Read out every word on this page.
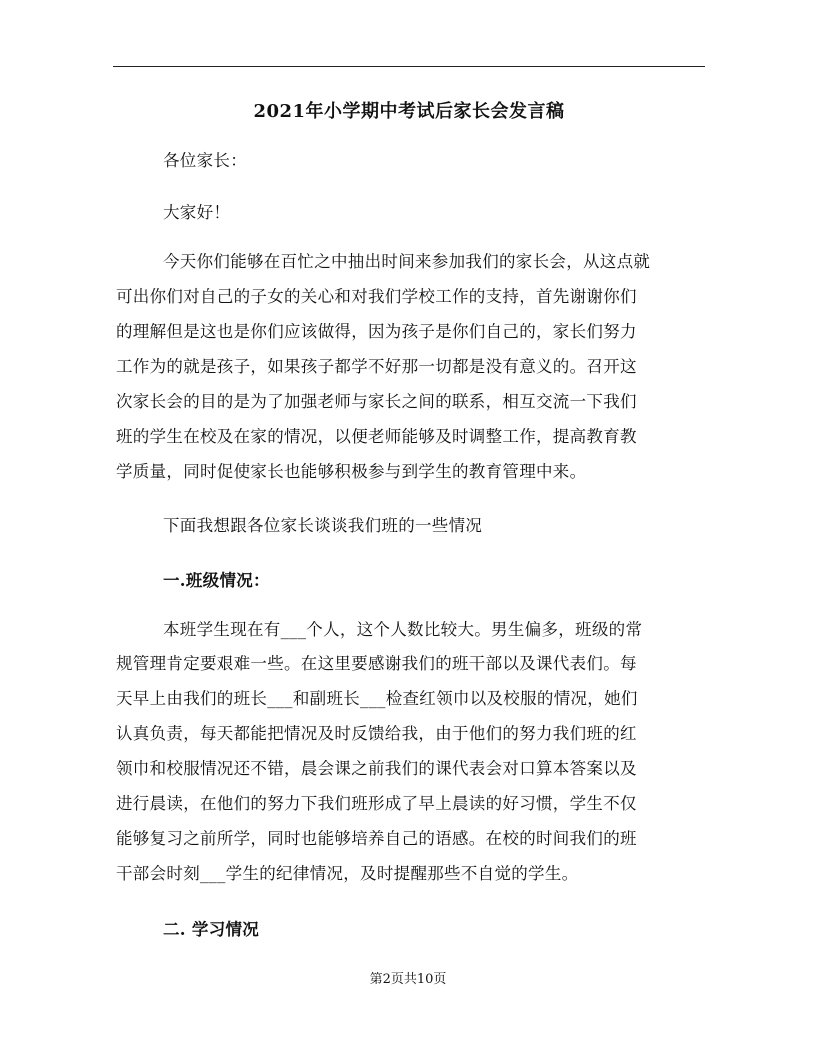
2021年小学期中考试后家长会发言稿
各位家长：
大家好！
今天你们能够在百忙之中抽出时间来参加我们的家长会，从这点就
可出你们对自己的子女的关心和对我们学校工作的支持，首先谢谢你们
的理解但是这也是你们应该做得，因为孩子是你们自己的，家长们努力
工作为的就是孩子，如果孩子都学不好那一切都是没有意义的。召开这
次家长会的目的是为了加强老师与家长之间的联系，相互交流一下我们
班的学生在校及在家的情况，以便老师能够及时调整工作，提高教育教
学质量，同时促使家长也能够积极参与到学生的教育管理中来。
下面我想跟各位家长谈谈我们班的一些情况
一.班级情况：
本班学生现在有___个人，这个人数比较大。男生偏多，班级的常
规管理肯定要艰难一些。在这里要感谢我们的班干部以及课代表们。每
天早上由我们的班长___和副班长___检查红领巾以及校服的情况，她们
认真负责，每天都能把情况及时反馈给我，由于他们的努力我们班的红
领巾和校服情况还不错，晨会课之前我们的课代表会对口算本答案以及
进行晨读，在他们的努力下我们班形成了早上晨读的好习惯，学生不仅
能够复习之前所学，同时也能够培养自己的语感。在校的时间我们的班
干部会时刻___学生的纪律情况，及时提醒那些不自觉的学生。
二. 学习情况
第2页共10页
